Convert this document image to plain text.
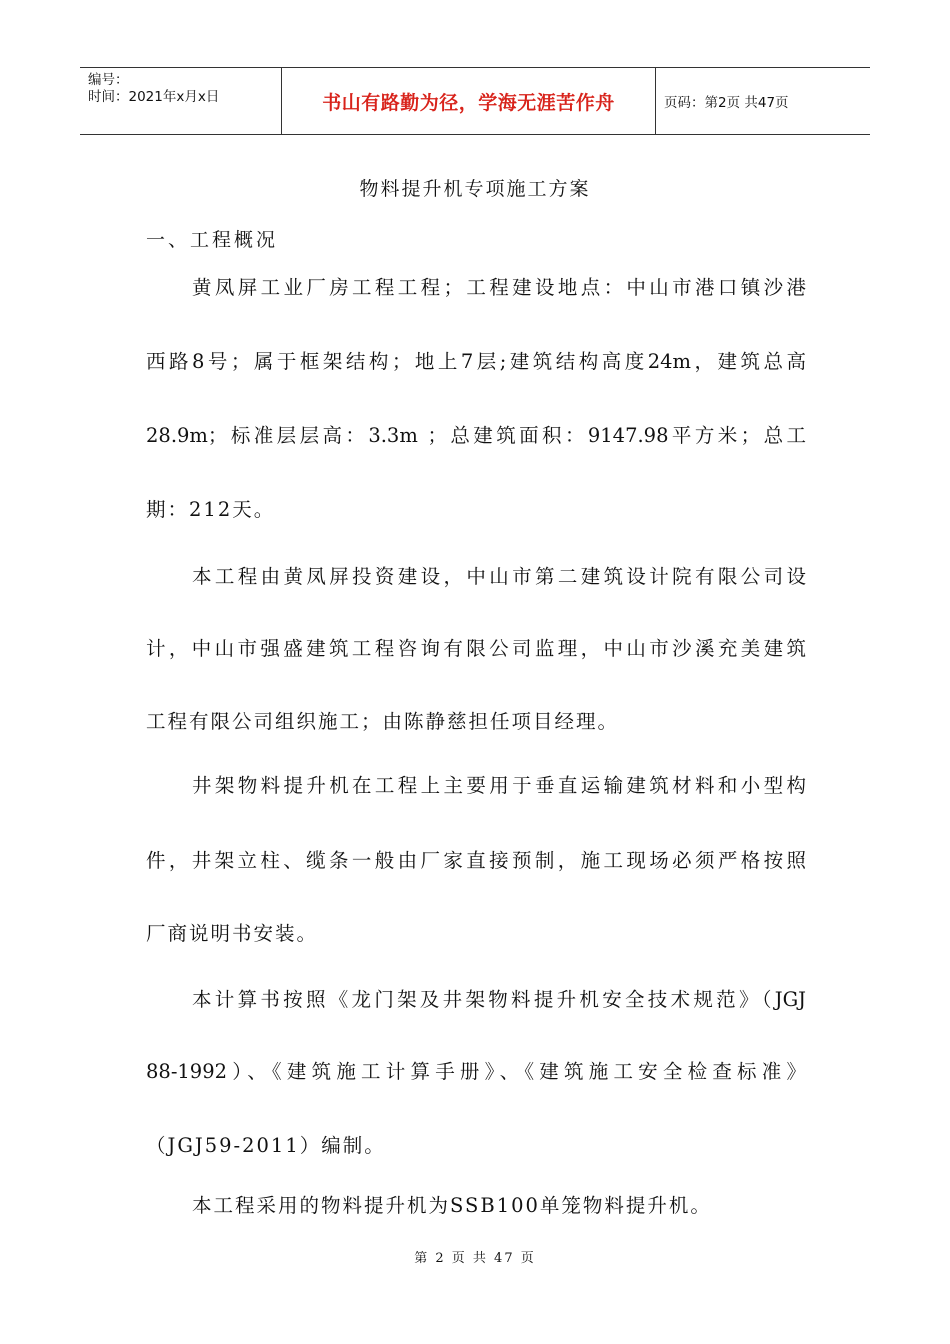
编号：
时间：2021年x月x日	书山有路勤为径，学海无涯苦作舟	页码：第2页 共47页
物料提升机专项施工方案
一、工程概况
黄凤屏工业厂房工程工程；工程建设地点：中山市港口镇沙港
西路8号；属于框架结构；地上7层;建筑结构高度24m，建筑总高
28.9m；标准层层高：3.3m ；总建筑面积：9147.98平方米；总工
期：212天。
本工程由黄凤屏投资建设，中山市第二建筑设计院有限公司设
计，中山市强盛建筑工程咨询有限公司监理，中山市沙溪充美建筑
工程有限公司组织施工；由陈静慈担任项目经理。
井架物料提升机在工程上主要用于垂直运输建筑材料和小型构
件，井架立柱、缆条一般由厂家直接预制，施工现场必须严格按照
厂商说明书安装。
本计算书按照《龙门架及井架物料提升机安全技术规范》（JGJ
88-1992）、《建筑施工计算手册》、《建筑施工安全检查标准》
（JGJ59-2011）编制。
本工程采用的物料提升机为SSB100单笼物料提升机。
第 2 页 共 47 页
